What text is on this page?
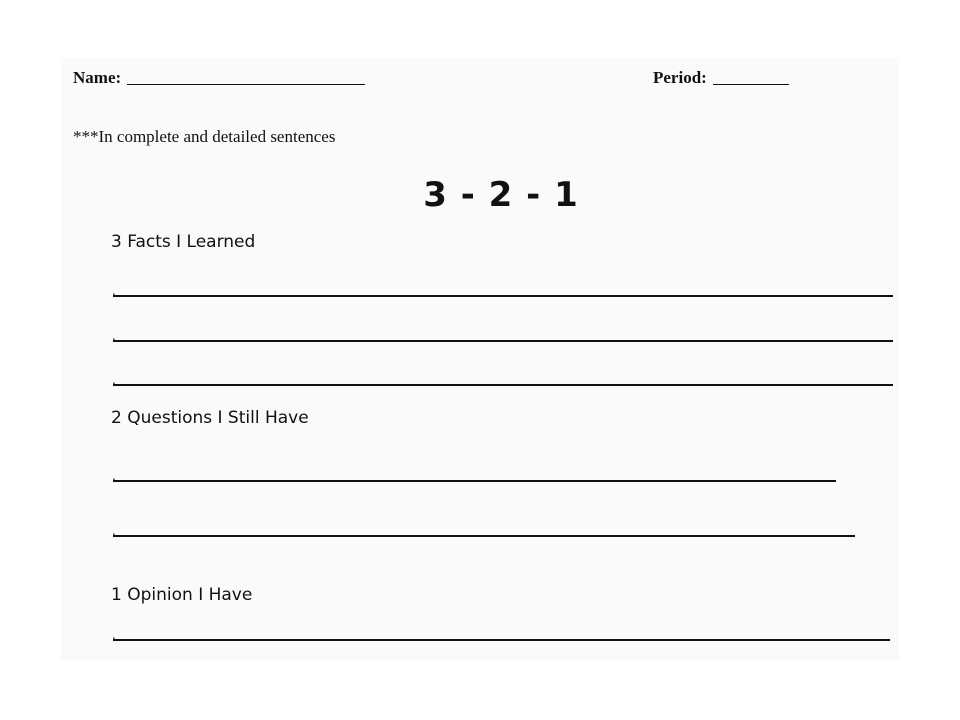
Name:	Period:
***In complete and detailed sentences
3 - 2 - 1
3 Facts I Learned
.
.
.
2 Questions I Still Have
.
.
1 Opinion I Have
.
